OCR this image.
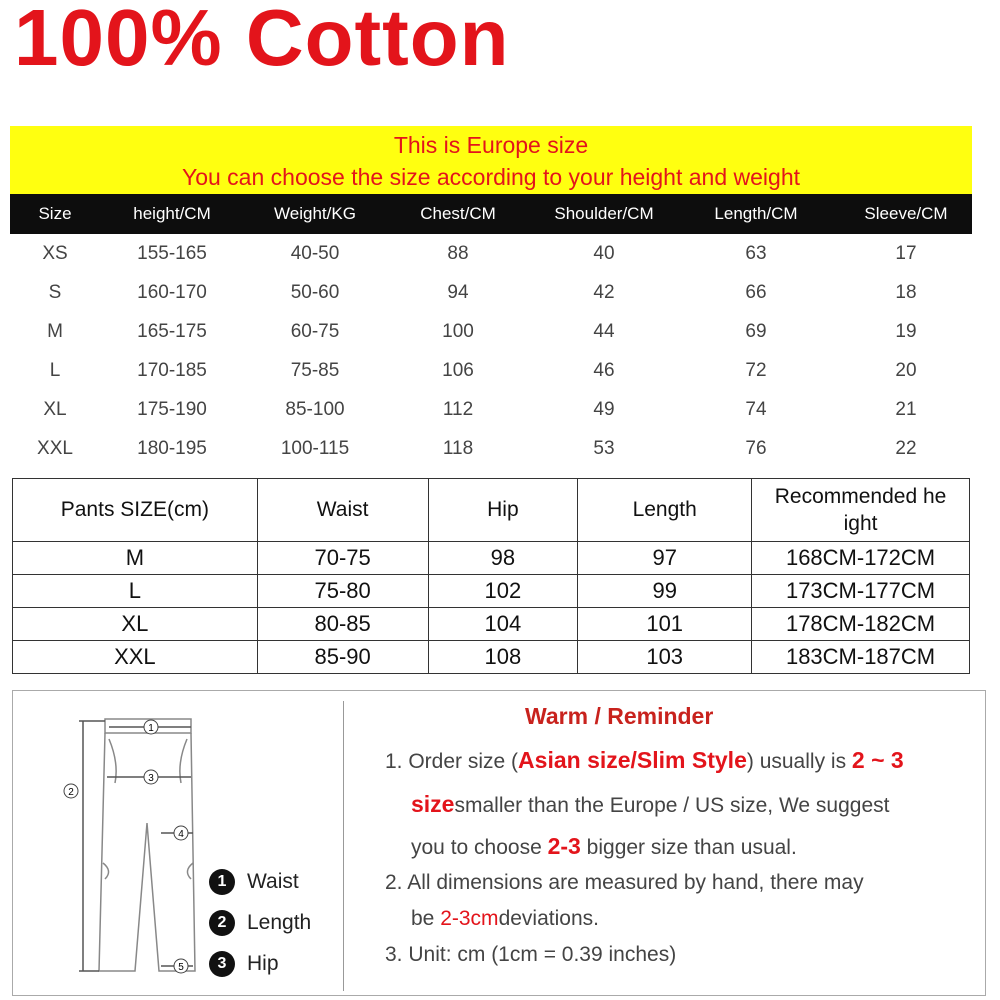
100% Cotton
This is Europe size
You can choose the size according to your height and weight
Size	height/CM	Weight/KG	Chest/CM	Shoulder/CM	Length/CM	Sleeve/CM
XS	155-165	40-50	88	40	63	17
S	160-170	50-60	94	42	66	18
M	165-175	60-75	100	44	69	19
L	170-185	75-85	106	46	72	20
XL	175-190	85-100	112	49	74	21
XXL	180-195	100-115	118	53	76	22
Pants SIZE(cm)	Waist	Hip	Length	Recommended he
ight
M	70-75	98	97	168CM-172CM
L	75-80	102	99	173CM-177CM
XL	80-85	104	101	178CM-182CM
XXL	85-90	108	103	183CM-187CM
1
2
3
4
5
1 Waist
2 Length
3 Hip
Warm / Reminder
1. Order size (Asian size/Slim Style) usually is 2 ~ 3
sizesmaller than the Europe / US size, We suggest
you to choose 2-3 bigger size than usual.
2. All dimensions are measured by hand, there may
be 2-3cmdeviations.
3. Unit: cm (1cm = 0.39 inches)
